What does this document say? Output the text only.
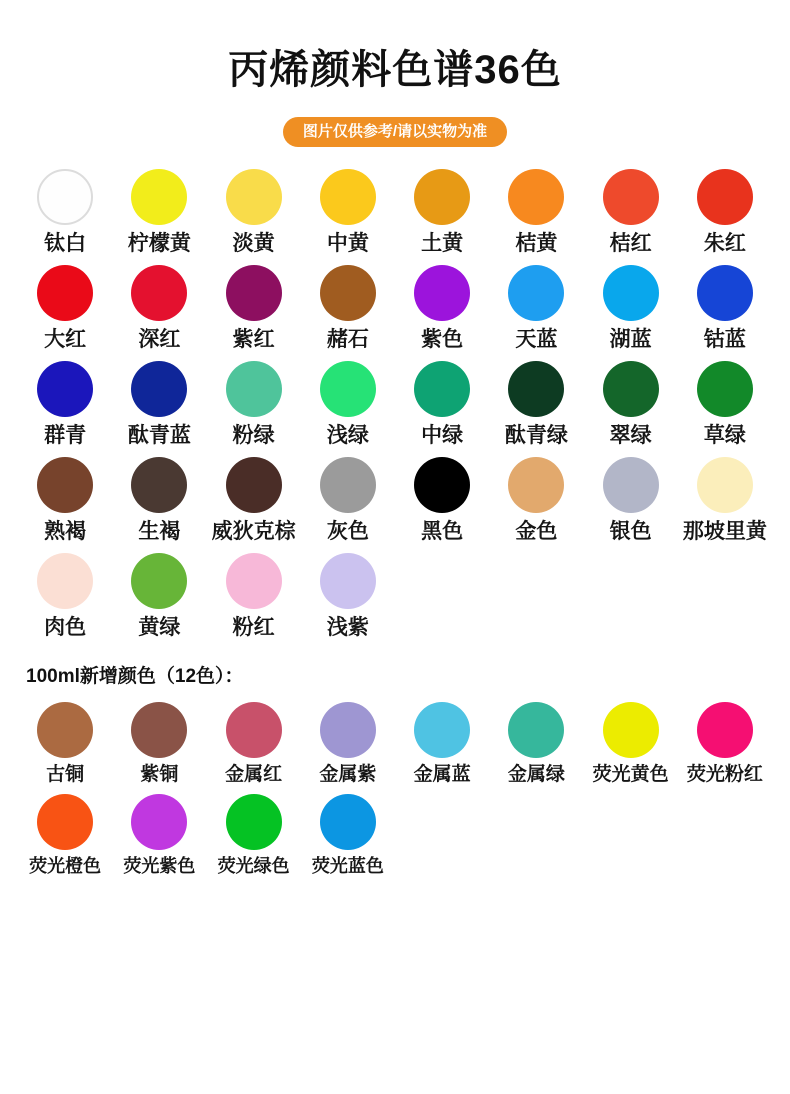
丙烯颜料色谱36色
图片仅供参考/请以实物为准
钛白 柠檬黄 淡黄 中黄 土黄 桔黄 桔红 朱红
大红 深红 紫红 赭石 紫色 天蓝 湖蓝 钴蓝
群青 酞青蓝 粉绿 浅绿 中绿 酞青绿 翠绿 草绿
熟褐 生褐 威狄克棕 灰色 黑色 金色 银色 那坡里黄
肉色 黄绿 粉红 浅紫
100ml新增颜色（12色）：
古铜	紫铜 金属红 金属紫 金属蓝 金属绿 荧光黄色 荧光粉红
荧光橙色 荧光紫色 荧光绿色 荧光蓝色
